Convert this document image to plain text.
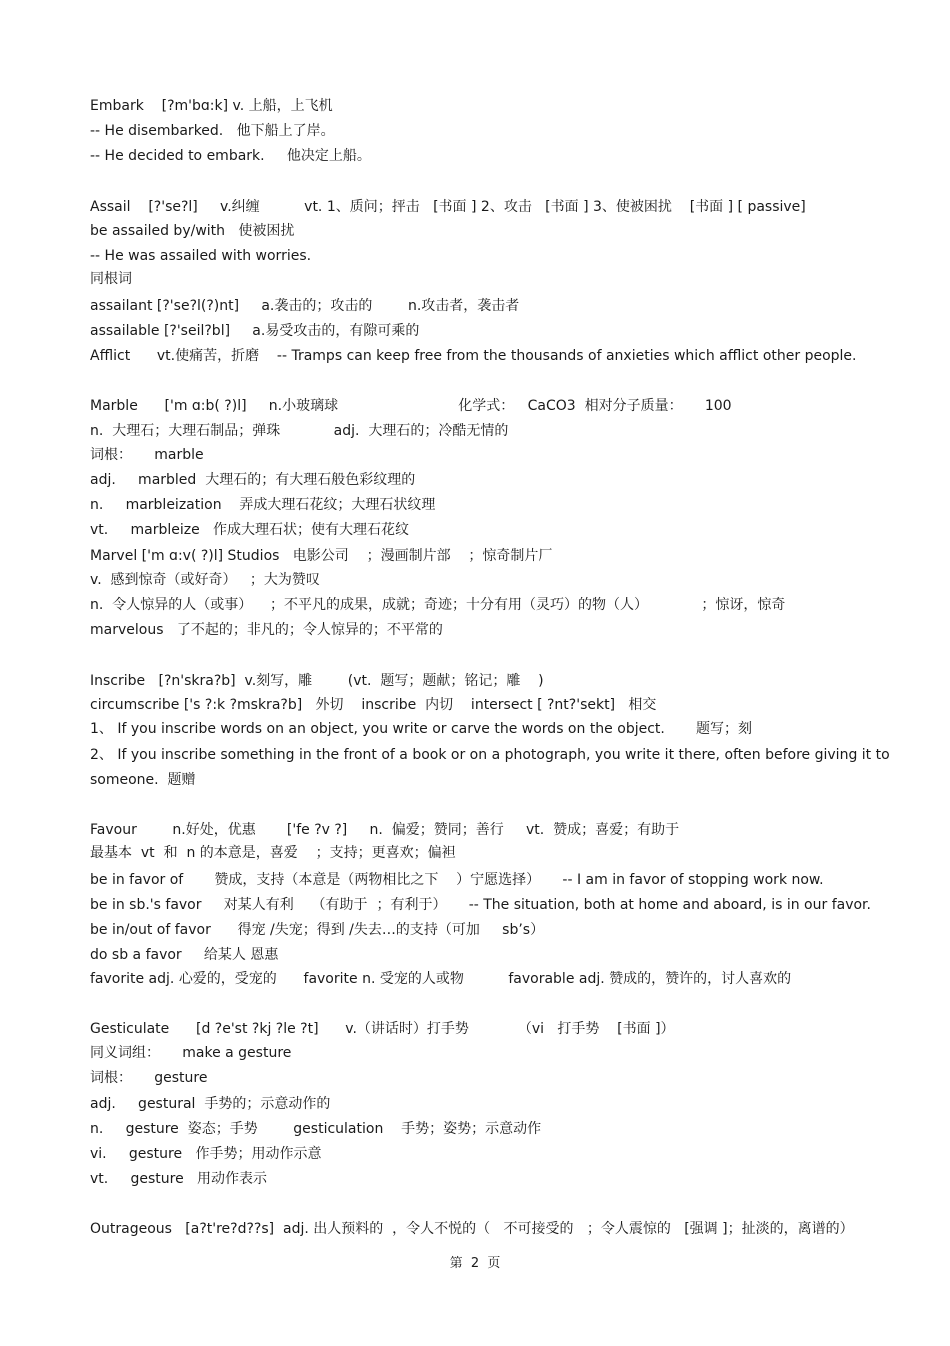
Embark    [?m'bɑ:k] v. 上船，上飞机
-- He disembarked.   他下船上了岸。
-- He decided to embark.     他决定上船。
Assail    [?'se?l]     v.纠缠          vt. 1、质问；抨击   [书面 ] 2、攻击   [书面 ] 3、使被困扰    [书面 ] [ passive]
be assailed by/with   使被困扰
-- He was assailed with worries.
同根词
assailant [?'se?l(?)nt]     a.袭击的；攻击的        n.攻击者，袭击者
assailable [?'seil?bl]     a.易受攻击的，有隙可乘的
Afflict      vt.使痛苦，折磨    -- Tramps can keep free from the thousands of anxieties which afflict other people.
Marble      ['m ɑ:b( ?)l]     n.小玻璃球                           化学式：   CaCO3  相对分子质量：     100
n.  大理石；大理石制品；弹珠            adj.  大理石的；冷酷无情的
词根：     marble
adj.     marbled  大理石的；有大理石般色彩纹理的
n.     marbleization    弄成大理石花纹；大理石状纹理
vt.     marbleize   作成大理石状；使有大理石花纹
Marvel ['m ɑ:v( ?)l] Studios   电影公司    ；漫画制片部    ；惊奇制片厂
v.  感到惊奇（或好奇）   ；大为赞叹
n.  令人惊异的人（或事）    ；不平凡的成果，成就；奇迹；十分有用（灵巧）的物（人）            ；惊讶，惊奇
marvelous   了不起的；非凡的；令人惊异的；不平常的
Inscribe   [?n'skra?b]  v.刻写，雕        (vt.  题写；题献；铭记；雕    )
circumscribe ['s ?:k ?mskra?b]   外切    inscribe  内切    intersect [ ?nt?'sekt]   相交
1、 If you inscribe words on an object, you write or carve the words on the object.       题写；刻
2、 If you inscribe something in the front of a book or on a photograph, you write it there, often before giving it to
someone.  题赠
Favour        n.好处，优惠       ['fe ?v ?]     n.  偏爱；赞同；善行     vt.  赞成；喜爱；有助于
最基本  vt  和  n 的本意是，喜爱    ；支持；更喜欢；偏袒
be in favor of       赞成，支持（本意是（两物相比之下    ）宁愿选择）     -- I am in favor of stopping work now.
be in sb.'s favor     对某人有利    （有助于  ；有利于）     -- The situation, both at home and aboard, is in our favor.
be in/out of favor      得宠 /失宠；得到 /失去…的支持（可加     sb’s）
do sb a favor     给某人 恩惠
favorite adj. 心爱的，受宠的      favorite n. 受宠的人或物          favorable adj. 赞成的，赞许的，讨人喜欢的
Gesticulate      [d ?e'st ?kj ?le ?t]      v.（讲话时）打手势           （vi   打手势    [书面 ]）
同义词组：     make a gesture
词根：     gesture
adj.     gestural  手势的；示意动作的
n.     gesture  姿态；手势        gesticulation    手势；姿势；示意动作
vi.     gesture   作手势；用动作示意
vt.     gesture   用动作表示
Outrageous   [a?t're?d??s]  adj. 出人预料的  ，令人不悦的（   不可接受的   ；令人震惊的   [强调 ]；扯淡的，离谱的）
第  2  页
